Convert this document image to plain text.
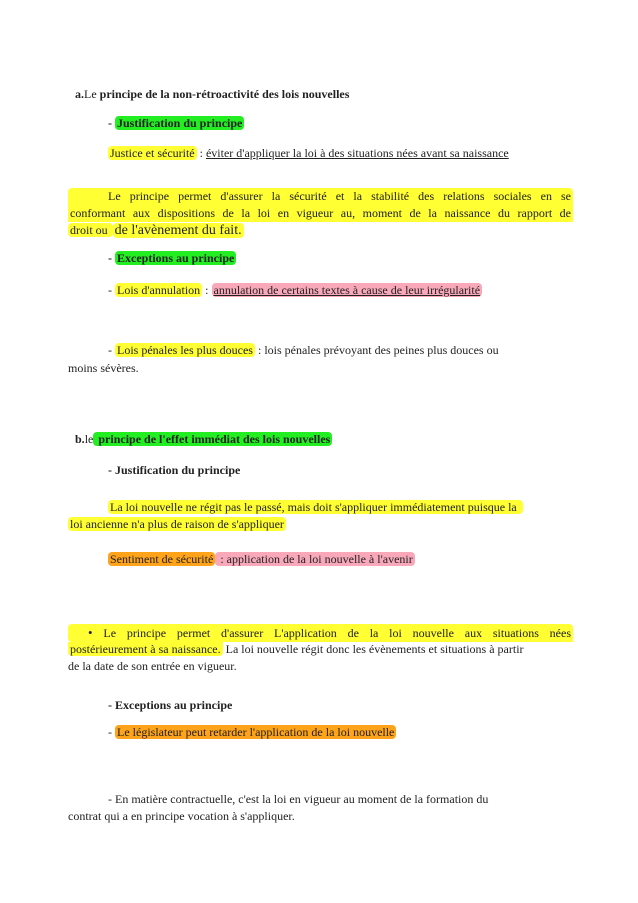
a.Le principe de la non-rétroactivité des lois nouvelles
- Justification du principe
Justice et sécurité : éviter d'appliquer la loi à des situations nées avant sa naissance
Le principe permet d'assurer la sécurité et la stabilité des relations sociales en se
conformant aux dispositions de la loi en vigueur au, moment de la naissance du rapport de
droit ou de l'avènement du fait.
- Exceptions au principe
- Lois d'annulation : annulation de certains textes à cause de leur irrégularité
- Lois pénales les plus douces : lois pénales prévoyant des peines plus douces ou
moins sévères.
b.le principe de l'effet immédiat des lois nouvelles
- Justification du principe
La loi nouvelle ne régit pas le passé, mais doit s'appliquer immédiatement puisque la
loi ancienne n'a plus de raison de s'appliquer
Sentiment de sécurité : application de la loi nouvelle à l'avenir
• Le principe permet d'assurer L'application de la loi nouvelle aux situations nées
postérieurement à sa naissance. La loi nouvelle régit donc les évènements et situations à partir
de la date de son entrée en vigueur.
- Exceptions au principe
- Le législateur peut retarder l'application de la loi nouvelle
- En matière contractuelle, c'est la loi en vigueur au moment de la formation du
contrat qui a en principe vocation à s'appliquer.
